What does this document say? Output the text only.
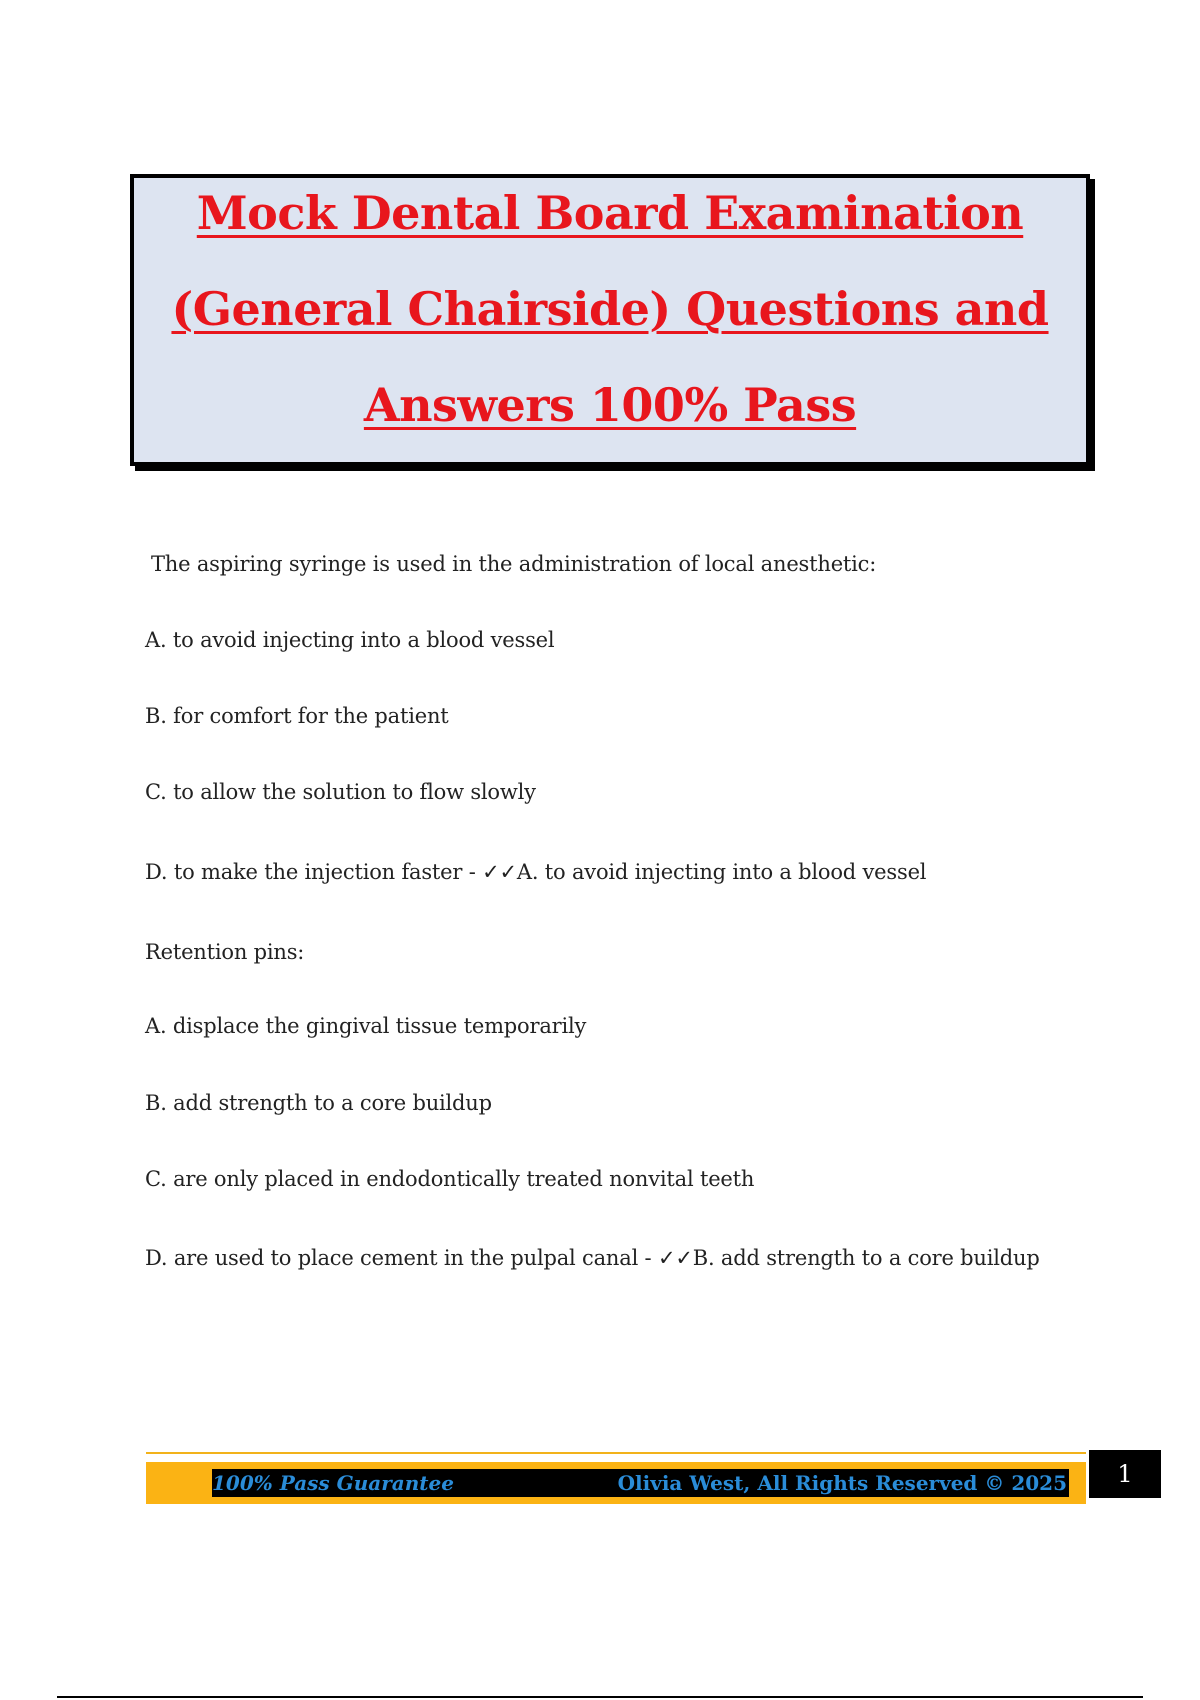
Mock Dental Board Examination
(General Chairside) Questions and
Answers 100% Pass
The aspiring syringe is used in the administration of local anesthetic:
A. to avoid injecting into a blood vessel
B. for comfort for the patient
C. to allow the solution to flow slowly
D. to make the injection faster - ✓✓A. to avoid injecting into a blood vessel
Retention pins:
A. displace the gingival tissue temporarily
B. add strength to a core buildup
C. are only placed in endodontically treated nonvital teeth
D. are used to place cement in the pulpal canal - ✓✓B. add strength to a core buildup
100% Pass Guarantee	Olivia West, All Rights Reserved © 2025	1
